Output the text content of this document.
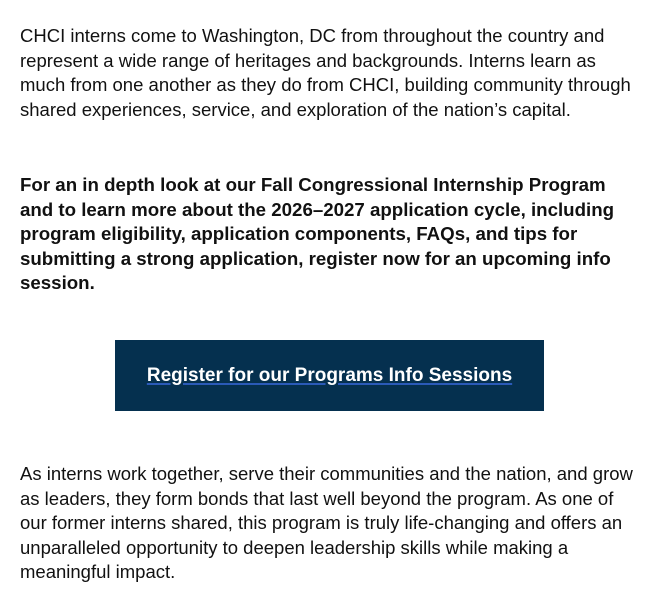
CHCI interns come to Washington, DC from throughout the country and represent a wide range of heritages and backgrounds. Interns learn as much from one another as they do from CHCI, building community through shared experiences, service, and exploration of the nation’s capital.

For an in depth look at our Fall Congressional Internship Program and to learn more about the 2026–2027 application cycle, including program eligibility, application components, FAQs, and tips for submitting a strong application, register now for an upcoming info session.

Register for our Programs Info Sessions

As interns work together, serve their communities and the nation, and grow as leaders, they form bonds that last well beyond the program. As one of our former interns shared, this program is truly life-changing and offers an unparalleled opportunity to deepen leadership skills while making a meaningful impact.
